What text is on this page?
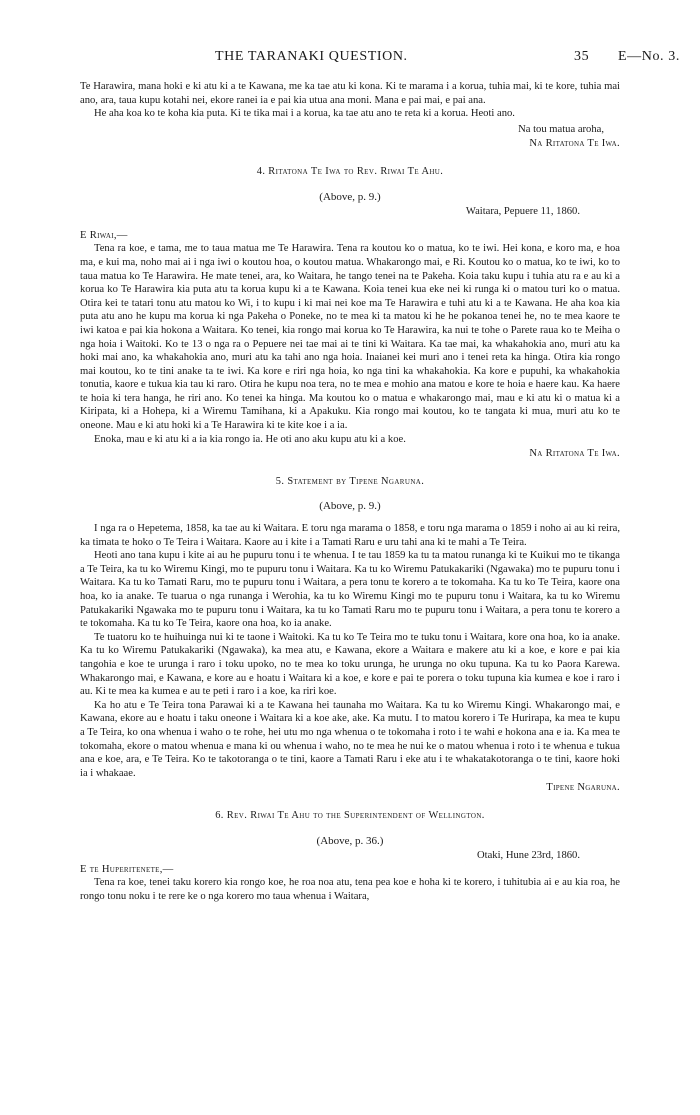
THE TARANAKI QUESTION.	35 E—No. 3.

Te Harawira, mana hoki e ki atu ki a te Kawana, me ka tae atu ki kona. Ki te marama i a korua, tuhia mai, ki te kore, tuhia mai ano, ara, taua kupu kotahi nei, ekore ranei ia e pai kia utua ana moni. Mana e pai mai, e pai ana.

He aha koa ko te koha kia puta. Ki te tika mai i a korua, ka tae atu ano te reta ki a korua. Heoti ano.

Na tou matua aroha,
Na Ritatona Te Iwa.
4. Ritatona Te Iwa to Rev. Riwai Te Ahu.
(Above, p. 9.)
Waitara, Pepuere 11, 1860.
E Riwai,—

Tena ra koe, e tama, me to taua matua me Te Harawira. Tena ra koutou ko o matua, ko te iwi. Hei kona, e koro ma, e hoa ma, e kui ma, noho mai ai i nga iwi o koutou hoa, o koutou matua. Whakarongo mai, e Ri. Koutou ko o matua, ko te iwi, ko to taua matua ko Te Harawira. He mate tenei, ara, ko Waitara, he tango tenei na te Pakeha. Koia taku kupu i tuhia atu ra e au ki a korua ko Te Harawira kia puta atu ta korua kupu ki a te Kawana. Koia tenei kua eke nei ki runga ki o matou turi ko o matua. Otira kei te tatari tonu atu matou ko Wi, i to kupu i ki mai nei koe ma Te Harawira e tuhi atu ki a te Kawana. He aha koa kia puta atu ano he kupu ma korua ki nga Pakeha o Poneke, no te mea ki ta matou ki he he pokanoa tenei he, no te mea kaore te iwi katoa e pai kia hokona a Waitara. Ko tenei, kia rongo mai korua ko Te Harawira, ka nui te tohe o Parete raua ko te Meiha o nga hoia i Waitoki. Ko te 13 o nga ra o Pepuere nei tae mai ai te tini ki Waitara. Ka tae mai, ka whakahokia ano, muri atu ka hoki mai ano, ka whakahokia ano, muri atu ka tahi ano nga hoia. Inaianei kei muri ano i tenei reta ka hinga. Otira kia rongo mai koutou, ko te tini anake ta te iwi. Ka kore e riri nga hoia, ko nga tini ka whakahokia. Ka kore e pupuhi, ka whakahokia tonutia, kaore e tukua kia tau ki raro. Otira he kupu noa tera, no te mea e mohio ana matou e kore te hoia e haere kau. Ka haere te hoia ki tera hanga, he riri ano. Ko tenei ka hinga. Ma koutou ko o matua e whakarongo mai, mau e ki atu ki o matua ki a Kiripata, ki a Hohepa, ki a Wiremu Tamihana, ki a Apakuku. Kia rongo mai koutou, ko te tangata ki mua, muri atu ko te oneone. Mau e ki atu hoki ki a Te Harawira ki te kite koe i a ia.

Enoka, mau e ki atu ki a ia kia rongo ia. He oti ano aku kupu atu ki a koe.

Na Ritatona Te Iwa.
5. Statement by Tipene Ngaruna.
(Above, p. 9.)

I nga ra o Hepetema, 1858, ka tae au ki Waitara. E toru nga marama o 1858, e toru nga marama o 1859 i noho ai au ki reira, ka timata te hoko o Te Teira i Waitara. Kaore au i kite i a Tamati Raru e uru tahi ana ki te mahi a Te Teira.

Heoti ano tana kupu i kite ai au he pupuru tonu i te whenua. I te tau 1859 ka tu ta matou runanga ki te Kuikui mo te tikanga a Te Teira, ka tu ko Wiremu Kingi, mo te pupuru tonu i Waitara. Ka tu ko Wiremu Patukakariki (Ngawaka) mo te pupuru tonu i Waitara. Ka tu ko Tamati Raru, mo te pupuru tonu i Waitara, a pera tonu te korero a te tokomaha. Ka tu ko Te Teira, kaore ona hoa, ko ia anake. Te tuarua o nga runanga i Werohia, ka tu ko Wiremu Kingi mo te pupuru tonu i Waitara, ka tu ko Wiremu Patukakariki Ngawaka mo te pupuru tonu i Waitara, ka tu ko Tamati Raru mo te pupuru tonu i Waitara, a pera tonu te korero a te tokomaha. Ka tu ko Te Teira, kaore ona hoa, ko ia anake.

Te tuatoru ko te huihuinga nui ki te taone i Waitoki. Ka tu ko Te Teira mo te tuku tonu i Waitara, kore ona hoa, ko ia anake. Ka tu ko Wiremu Patukakariki (Ngawaka), ka mea atu, e Kawana, ekore a Waitara e makere atu ki a koe, e kore e pai kia tangohia e koe te urunga i raro i toku upoko, no te mea ko toku urunga, he urunga no oku tupuna. Ka tu ko Paora Karewa. Whakarongo mai, e Kawana, e kore au e hoatu i Waitara ki a koe, e kore e pai te porera o toku tupuna kia kumea e koe i raro i au. Ki te mea ka kumea e au te peti i raro i a koe, ka riri koe.

Ka ho atu e Te Teira tona Parawai ki a te Kawana hei taunaha mo Waitara. Ka tu ko Wiremu Kingi. Whakarongo mai, e Kawana, ekore au e hoatu i taku oneone i Waitara ki a koe ake, ake. Ka mutu. I to matou korero i Te Hurirapa, ka mea te kupu a Te Teira, ko ona whenua i waho o te rohe, hei utu mo nga whenua o te tokomaha i roto i te wahi e hokona ana e ia. Ka mea te tokomaha, ekore o matou whenua e mana ki ou whenua i waho, no te mea he nui ke o matou whenua i roto i te whenua e tukua ana e koe, ara, e Te Teira. Ko te takotoranga o te tini, kaore a Tamati Raru i eke atu i te whakatakotoranga o te tini, kaore hoki ia i whakaae.

Tipene Ngaruna.
6. Rev. Riwai Te Ahu to the Superintendent of Wellington.
(Above, p. 36.)
Otaki, Hune 23rd, 1860.
E te Huperitenete,—

Tena ra koe, tenei taku korero kia rongo koe, he roa noa atu, tena pea koe e hoha ki te korero, i tuhitubia ai e au kia roa, he rongo tonu noku i te rere ke o nga korero mo taua whenua i Waitara,
